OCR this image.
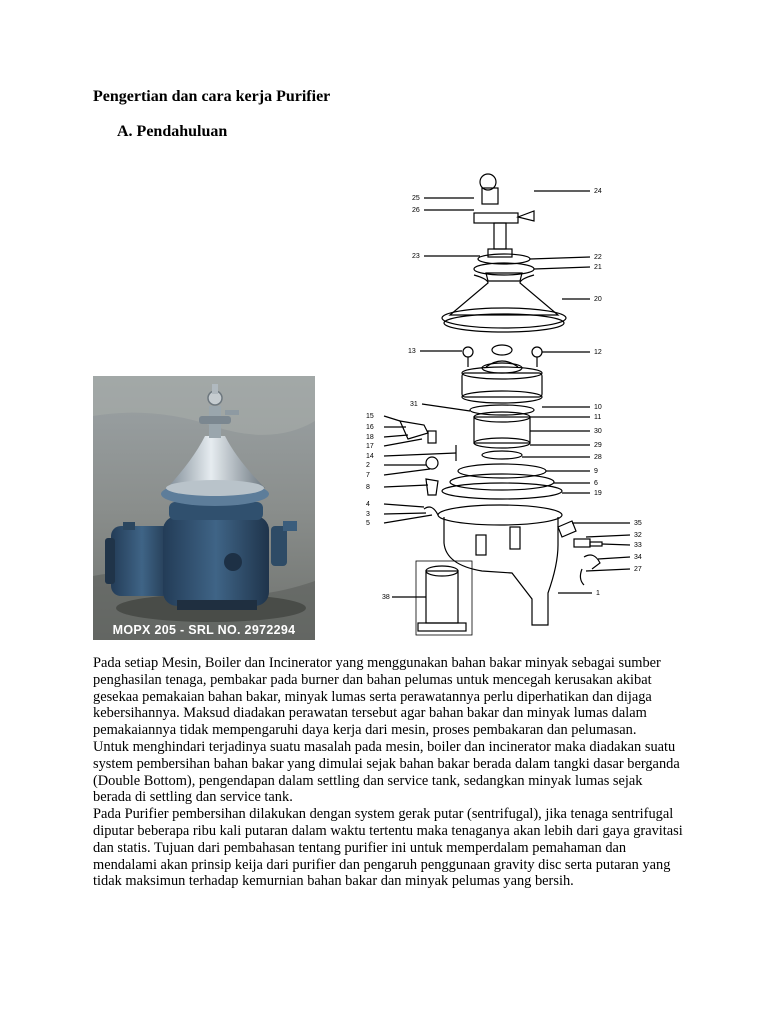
Pengertian dan cara kerja Purifier
A. Pendahuluan
MOPX 205 - SRL NO. 2972294
25
26
23
13
31
15
16
18
17
14
2
7
8
4
3
5
38
24
22
21
20
12
10
11
30
29
28
9
6
19
35
32
33
34
27
1

Pada setiap Mesin, Boiler dan Incinerator yang menggunakan bahan bakar minyak sebagai sumber penghasilan tenaga, pembakar pada burner dan bahan pelumas untuk mencegah kerusakan akibat gesekaa pemakaian bahan bakar, minyak lumas serta perawatannya perlu diperhatikan dan dijaga kebersihannya. Maksud diadakan perawatan tersebut agar bahan bakar dan minyak lumas dalam pemakaiannya tidak mempengaruhi daya kerja dari mesin, proses pembakaran dan pelumasan.

Untuk menghindari terjadinya suatu masalah pada mesin, boiler dan incinerator maka diadakan suatu system pembersihan bahan bakar yang dimulai sejak bahan bakar berada dalam tangki dasar berganda (Double Bottom), pengendapan dalam settling dan service tank, sedangkan minyak lumas sejak berada di settling dan service tank.

Pada Purifier pembersihan dilakukan dengan system gerak putar (sentrifugal), jika tenaga sentrifugal diputar beberapa ribu kali putaran dalam waktu tertentu maka tenaganya akan lebih dari gaya gravitasi dan statis. Tujuan dari pembahasan tentang purifier ini untuk memperdalam pemahaman dan mendalami akan prinsip keija dari purifier dan pengaruh penggunaan gravity disc serta putaran yang tidak maksimun terhadap kemurnian bahan bakar dan minyak pelumas yang bersih.
